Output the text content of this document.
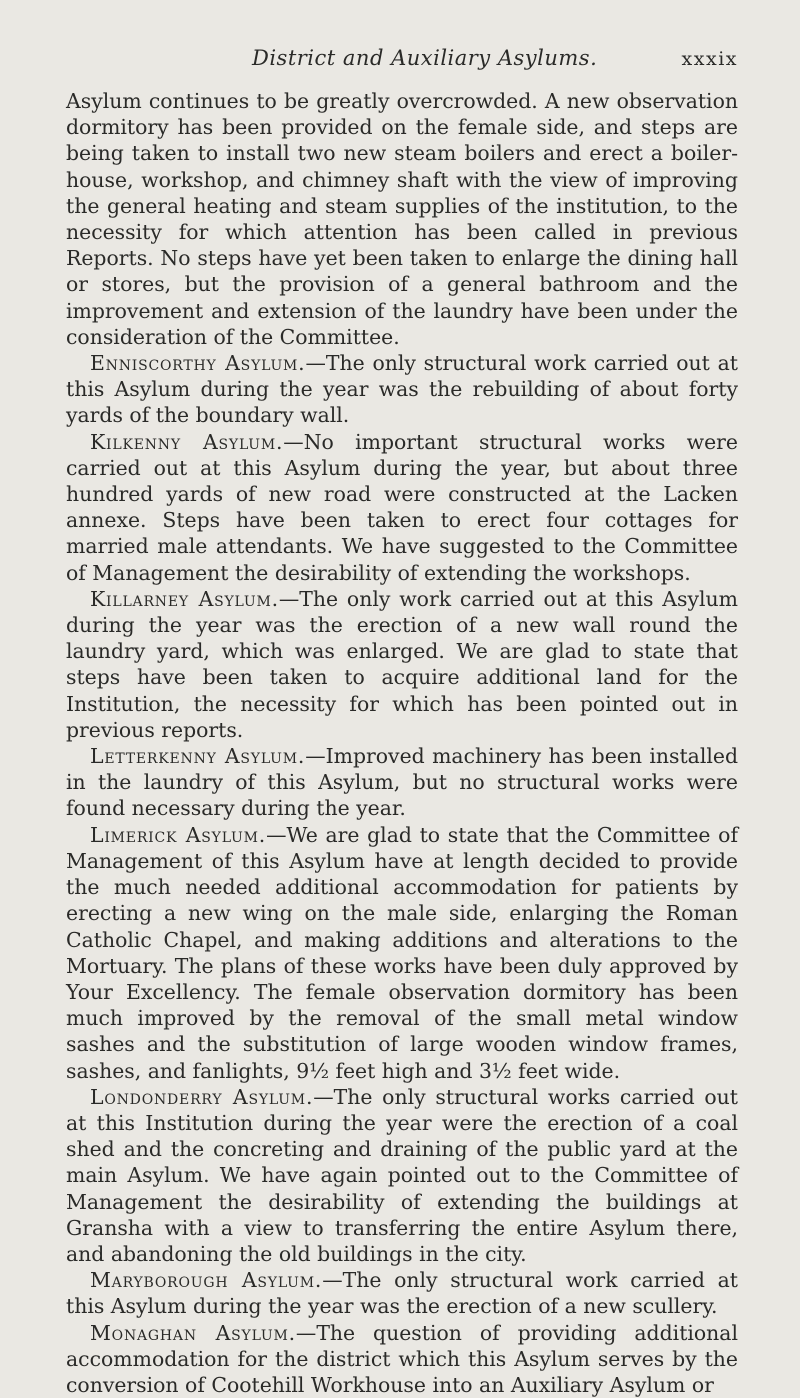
District and Auxiliary Asylums.	xxxix

Asylum continues to be greatly overcrowded. A new observation dormitory has been provided on the female side, and steps are being taken to install two new steam boilers and erect a boiler-house, workshop, and chimney shaft with the view of improving the general heating and steam supplies of the institution, to the necessity for which attention has been called in previous Reports. No steps have yet been taken to enlarge the dining hall or stores, but the provision of a general bathroom and the improvement and extension of the laundry have been under the consideration of the Committee.

Enniscorthy Asylum.—The only structural work carried out at this Asylum during the year was the rebuilding of about forty yards of the boundary wall.

Kilkenny Asylum.—No important structural works were carried out at this Asylum during the year, but about three hundred yards of new road were constructed at the Lacken annexe. Steps have been taken to erect four cottages for married male attendants. We have suggested to the Committee of Management the desirability of extending the workshops.

Killarney Asylum.—The only work carried out at this Asylum during the year was the erection of a new wall round the laundry yard, which was enlarged. We are glad to state that steps have been taken to acquire additional land for the Institution, the necessity for which has been pointed out in previous reports.

Letterkenny Asylum.—Improved machinery has been installed in the laundry of this Asylum, but no structural works were found necessary during the year.

Limerick Asylum.—We are glad to state that the Committee of Management of this Asylum have at length decided to provide the much needed additional accommodation for patients by erecting a new wing on the male side, enlarging the Roman Catholic Chapel, and making additions and alterations to the Mortuary. The plans of these works have been duly approved by Your Excellency. The female observation dormitory has been much improved by the removal of the small metal window sashes and the substitution of large wooden window frames, sashes, and fanlights, 9½ feet high and 3½ feet wide.

Londonderry Asylum.—The only structural works carried out at this Institution during the year were the erection of a coal shed and the concreting and draining of the public yard at the main Asylum. We have again pointed out to the Committee of Management the desirability of extending the buildings at Gransha with a view to transferring the entire Asylum there, and abandoning the old buildings in the city.

Maryborough Asylum.—The only structural work carried at this Asylum during the year was the erection of a new scullery.

Monaghan Asylum.—The question of providing additional accommodation for the district which this Asylum serves by the conversion of Cootehill Workhouse into an Auxiliary Asylum or
